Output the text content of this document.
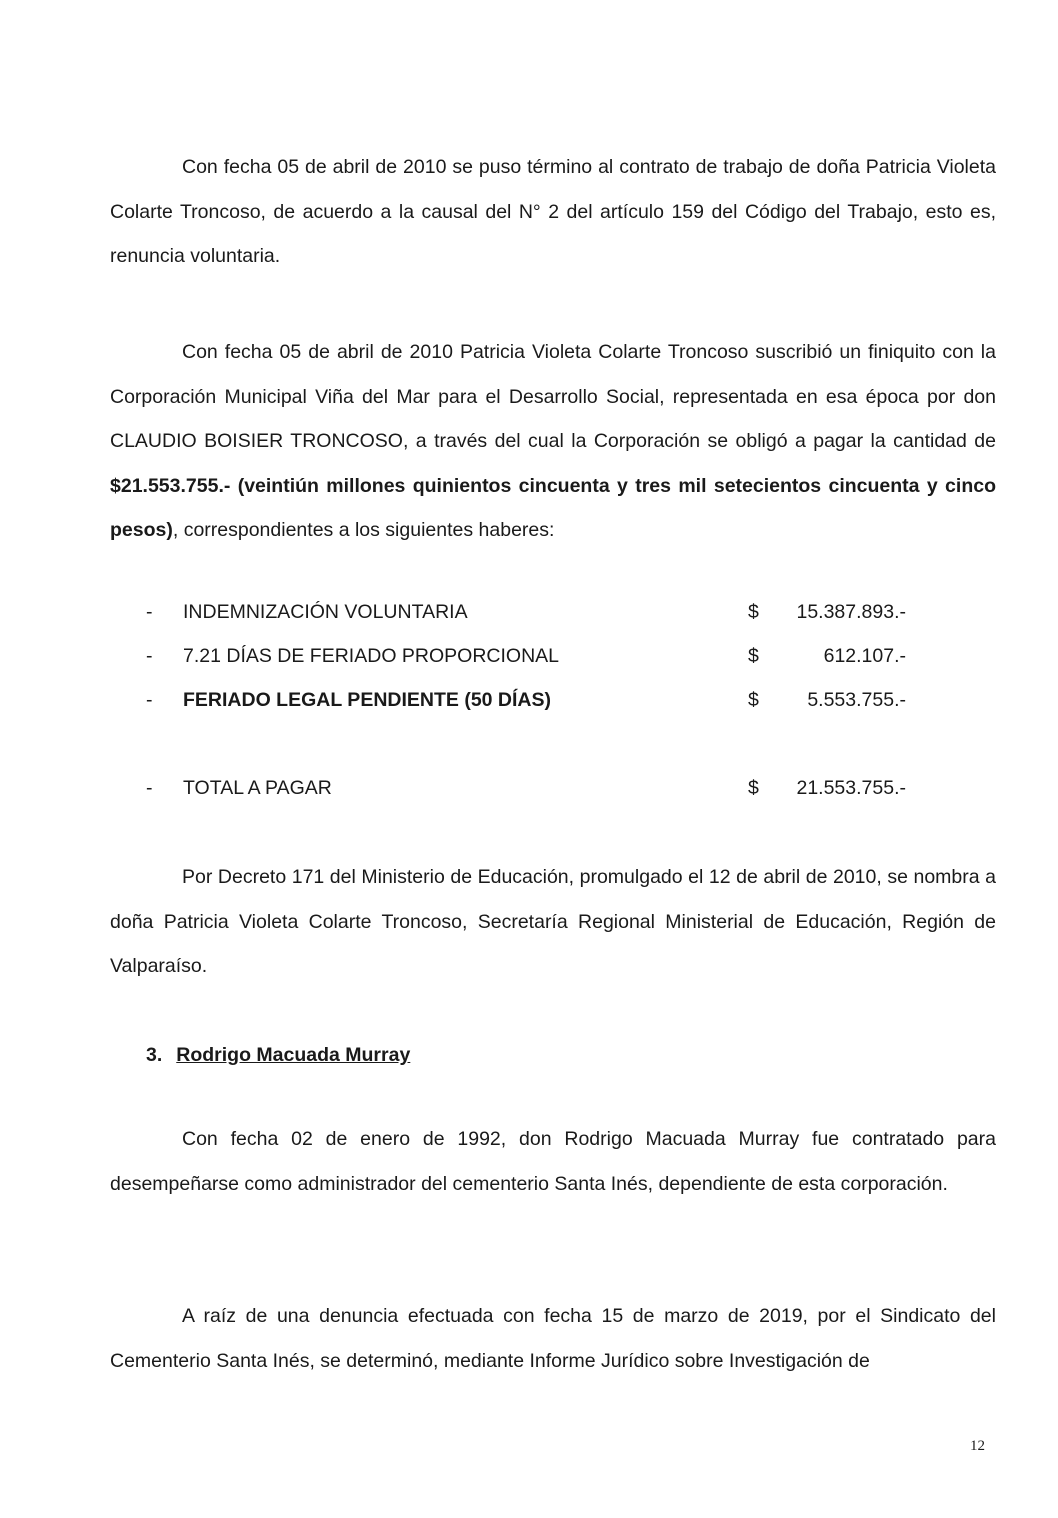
Con fecha 05 de abril de 2010 se puso término al contrato de trabajo de doña Patricia Violeta Colarte Troncoso, de acuerdo a la causal del N° 2 del artículo 159 del Código del Trabajo, esto es, renuncia voluntaria.

Con fecha 05 de abril de 2010 Patricia Violeta Colarte Troncoso suscribió un finiquito con la Corporación Municipal Viña del Mar para el Desarrollo Social, representada en esa época por don CLAUDIO BOISIER TRONCOSO, a través del cual la Corporación se obligó a pagar la cantidad de $21.553.755.- (veintiún millones quinientos cincuenta y tres mil setecientos cincuenta y cinco pesos), correspondientes a los siguientes haberes:

- INDEMNIZACIÓN VOLUNTARIA	$ 15.387.893.-
- 7.21 DÍAS DE FERIADO PROPORCIONAL	$	612.107.-
- FERIADO LEGAL PENDIENTE (50 DÍAS)	$ 5.553.755.-
- TOTAL A PAGAR	$ 21.553.755.-

Por Decreto 171 del Ministerio de Educación, promulgado el 12 de abril de 2010, se nombra a doña Patricia Violeta Colarte Troncoso, Secretaría Regional Ministerial de Educación, Región de Valparaíso.

3. Rodrigo Macuada Murray

Con fecha 02 de enero de 1992, don Rodrigo Macuada Murray fue contratado para desempeñarse como administrador del cementerio Santa Inés, dependiente de esta corporación.

A raíz de una denuncia efectuada con fecha 15 de marzo de 2019, por el Sindicato del Cementerio Santa Inés, se determinó, mediante Informe Jurídico sobre Investigación de

12
